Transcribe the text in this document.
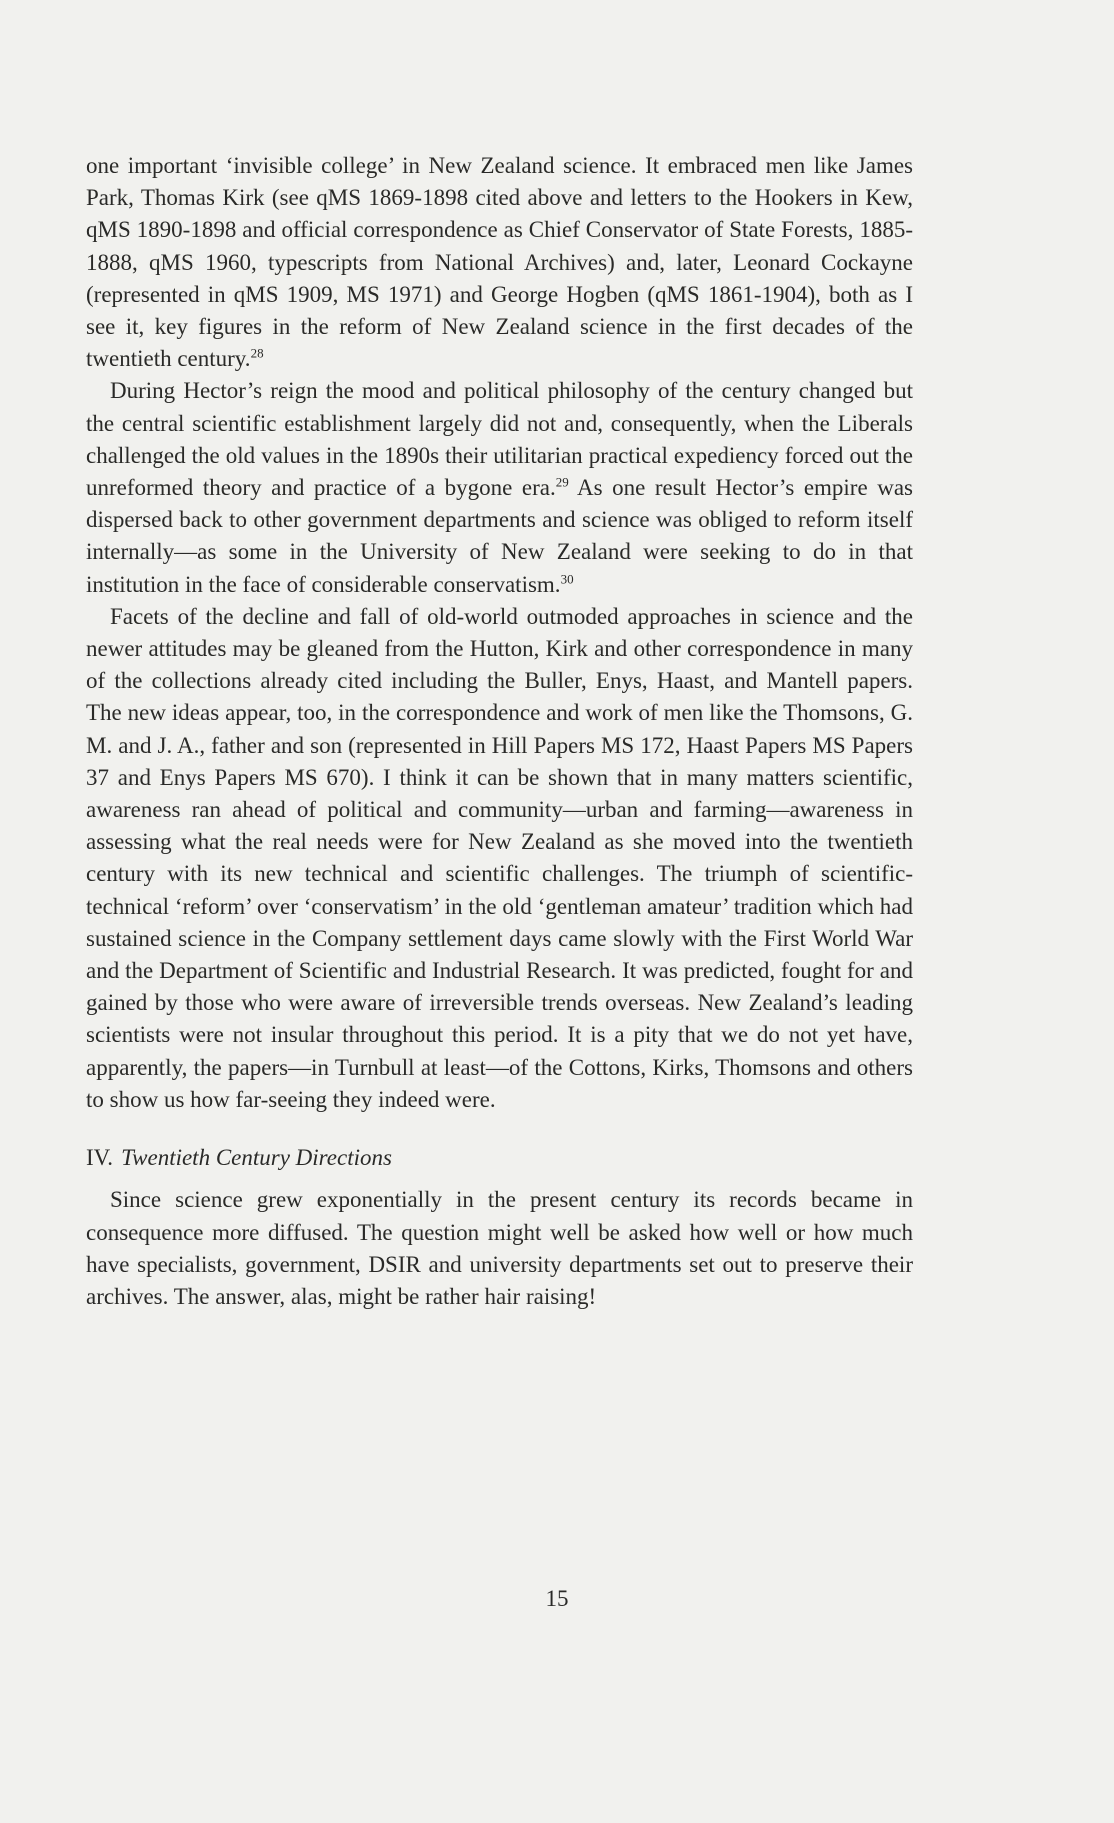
one important ‘invisible college’ in New Zealand science. It embraced men like James Park, Thomas Kirk (see qMS 1869-1898 cited above and letters to the Hookers in Kew, qMS 1890-1898 and official correspondence as Chief Conservator of State Forests, 1885-1888, qMS 1960, typescripts from National Archives) and, later, Leonard Cockayne (represented in qMS 1909, MS 1971) and George Hogben (qMS 1861-1904), both as I see it, key figures in the reform of New Zealand science in the first decades of the twentieth century.$^{28}$

During Hector’s reign the mood and political philosophy of the century changed but the central scientific establishment largely did not and, consequently, when the Liberals challenged the old values in the 1890s their utilitarian practical expediency forced out the unreformed theory and practice of a bygone era.$^{29}$ As one result Hector’s empire was dispersed back to other government departments and science was obliged to reform itself internally—as some in the University of New Zealand were seeking to do in that institution in the face of considerable conservatism.$^{30}$

Facets of the decline and fall of old-world outmoded approaches in science and the newer attitudes may be gleaned from the Hutton, Kirk and other correspondence in many of the collections already cited including the Buller, Enys, Haast, and Mantell papers. The new ideas appear, too, in the correspondence and work of men like the Thomsons, G. M. and J. A., father and son (represented in Hill Papers MS 172, Haast Papers MS Papers 37 and Enys Papers MS 670). I think it can be shown that in many matters scientific, awareness ran ahead of political and community—urban and farming—awareness in assessing what the real needs were for New Zealand as she moved into the twentieth century with its new technical and scientific challenges. The triumph of scientific-technical ‘reform’ over ‘conservatism’ in the old ‘gentleman amateur’ tradition which had sustained science in the Company settlement days came slowly with the First World War and the Department of Scientific and Industrial Research. It was predicted, fought for and gained by those who were aware of irreversible trends overseas. New Zealand’s leading scientists were not insular throughout this period. It is a pity that we do not yet have, apparently, the papers—in Turnbull at least—of the Cottons, Kirks, Thomsons and others to show us how far-seeing they indeed were.

IV. Twentieth Century Directions

Since science grew exponentially in the present century its records became in consequence more diffused. The question might well be asked how well or how much have specialists, government, DSIR and university departments set out to preserve their archives. The answer, alas, might be rather hair raising!

15
